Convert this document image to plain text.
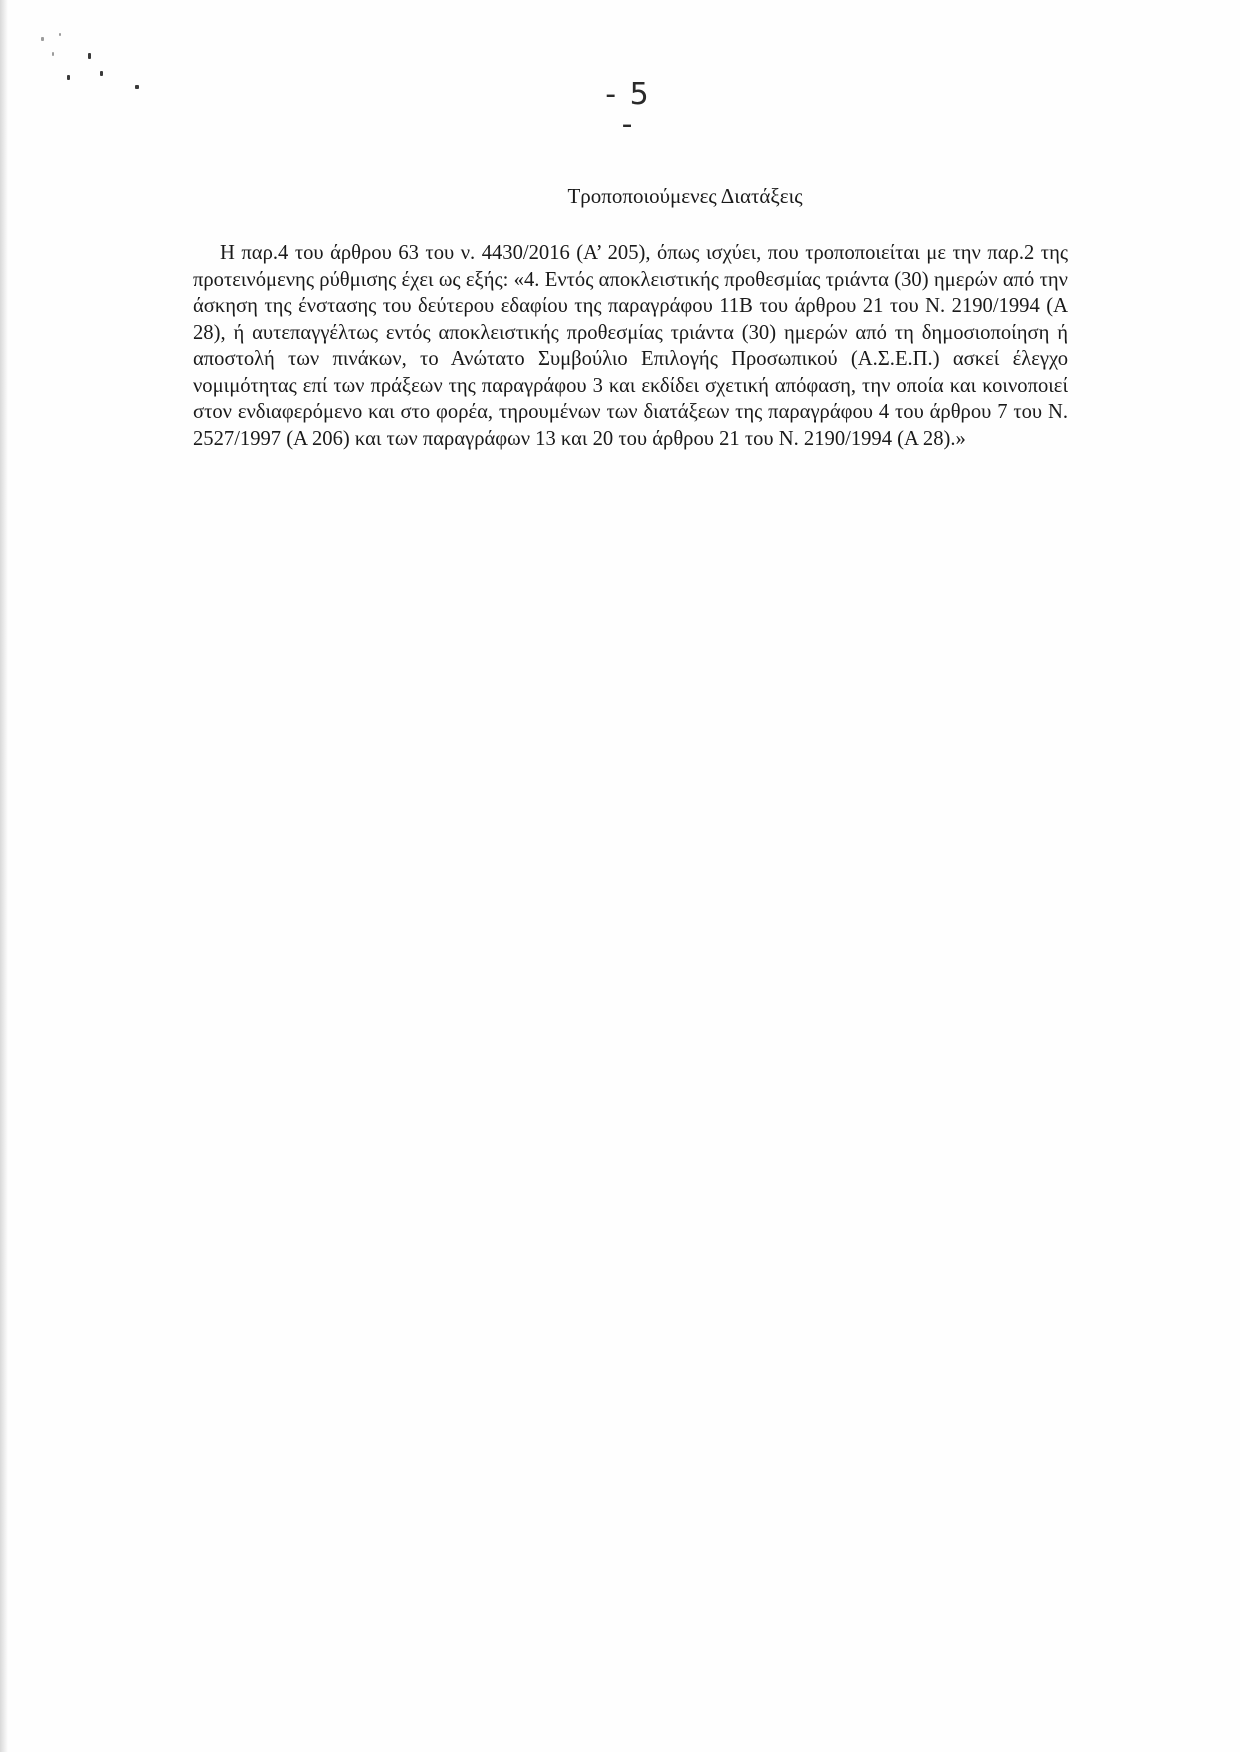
- 5 -
Τροποποιούμενες Διατάξεις

Η παρ.4 του άρθρου 63 του ν. 4430/2016 (Α’ 205), όπως ισχύει, που τροποποιείται με την παρ.2 της προτεινόμενης ρύθμισης έχει ως εξής: «4. Εντός αποκλειστικής προθεσμίας τριάντα (30) ημερών από την άσκηση της ένστασης του δεύτερου εδαφίου της παραγράφου 11Β του άρθρου 21 του Ν. 2190/1994 (Α 28), ή αυτεπαγγέλτως εντός αποκλειστικής προθεσμίας τριάντα (30) ημερών από τη δημοσιοποίηση ή αποστολή των πινάκων, το Ανώτατο Συμβούλιο Επιλογής Προσωπικού (Α.Σ.Ε.Π.) ασκεί έλεγχο νομιμότητας επί των πράξεων της παραγράφου 3 και εκδίδει σχετική απόφαση, την οποία και κοινοποιεί στον ενδιαφερόμενο και στο φορέα, τηρουμένων των διατάξεων της παραγράφου 4 του άρθρου 7 του Ν. 2527/1997 (Α 206) και των παραγράφων 13 και 20 του άρθρου 21 του Ν. 2190/1994 (Α 28).»
